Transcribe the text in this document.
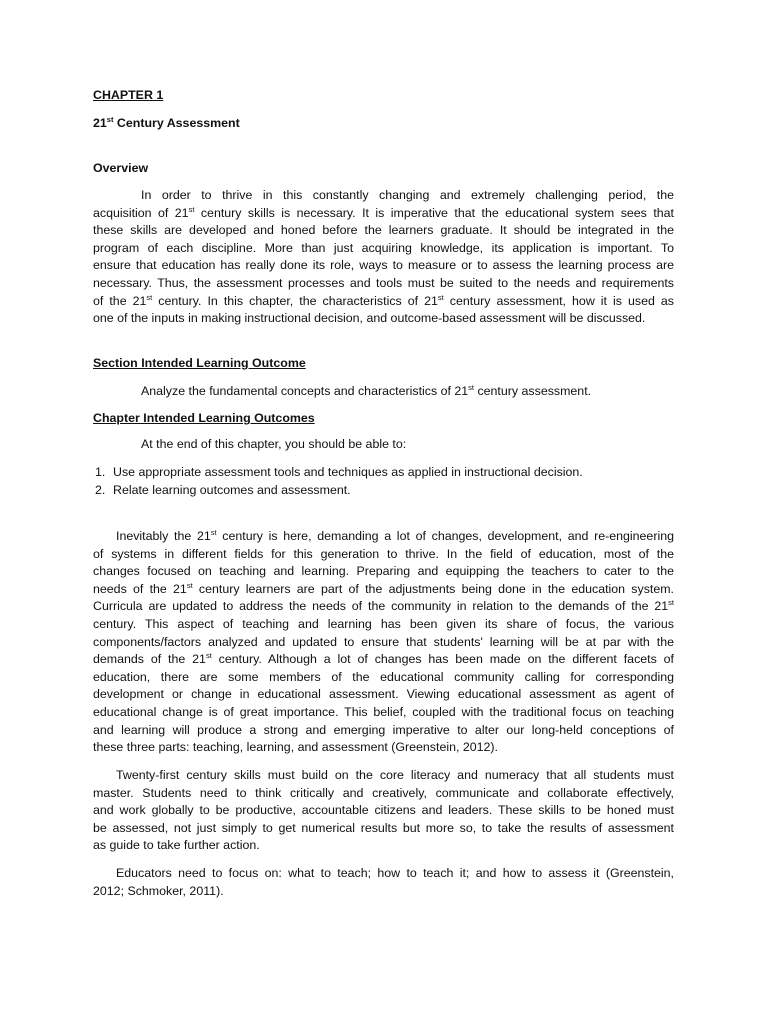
CHAPTER 1
21st Century Assessment
Overview
In order to thrive in this constantly changing and extremely challenging period, the
acquisition of 21st century skills is necessary. It is imperative that the educational system sees that
these skills are developed and honed before the learners graduate. It should be integrated in the
program of each discipline. More than just acquiring knowledge, its application is important. To
ensure that education has really done its role, ways to measure or to assess the learning process are
necessary. Thus, the assessment processes and tools must be suited to the needs and requirements
of the 21st century. In this chapter, the characteristics of 21st century assessment, how it is used as
one of the inputs in making instructional decision, and outcome-based assessment will be discussed.
Section Intended Learning Outcome
Analyze the fundamental concepts and characteristics of 21st century assessment.
Chapter Intended Learning Outcomes
At the end of this chapter, you should be able to:
1. Use appropriate assessment tools and techniques as applied in instructional decision.
2. Relate learning outcomes and assessment.
Inevitably the 21st century is here, demanding a lot of changes, development, and re-engineering
of systems in different fields for this generation to thrive. In the field of education, most of the
changes focused on teaching and learning. Preparing and equipping the teachers to cater to the
needs of the 21st century learners are part of the adjustments being done in the education system.
Curricula are updated to address the needs of the community in relation to the demands of the 21st
century. This aspect of teaching and learning has been given its share of focus, the various
components/factors analyzed and updated to ensure that students' learning will be at par with the
demands of the 21st century. Although a lot of changes has been made on the different facets of
education, there are some members of the educational community calling for corresponding
development or change in educational assessment. Viewing educational assessment as agent of
educational change is of great importance. This belief, coupled with the traditional focus on teaching
and learning will produce a strong and emerging imperative to alter our long-held conceptions of
these three parts: teaching, learning, and assessment (Greenstein, 2012).
Twenty-first century skills must build on the core literacy and numeracy that all students must
master. Students need to think critically and creatively, communicate and collaborate effectively,
and work globally to be productive, accountable citizens and leaders. These skills to be honed must
be assessed, not just simply to get numerical results but more so, to take the results of assessment
as guide to take further action.
Educators need to focus on: what to teach; how to teach it; and how to assess it (Greenstein,
2012; Schmoker, 2011).
